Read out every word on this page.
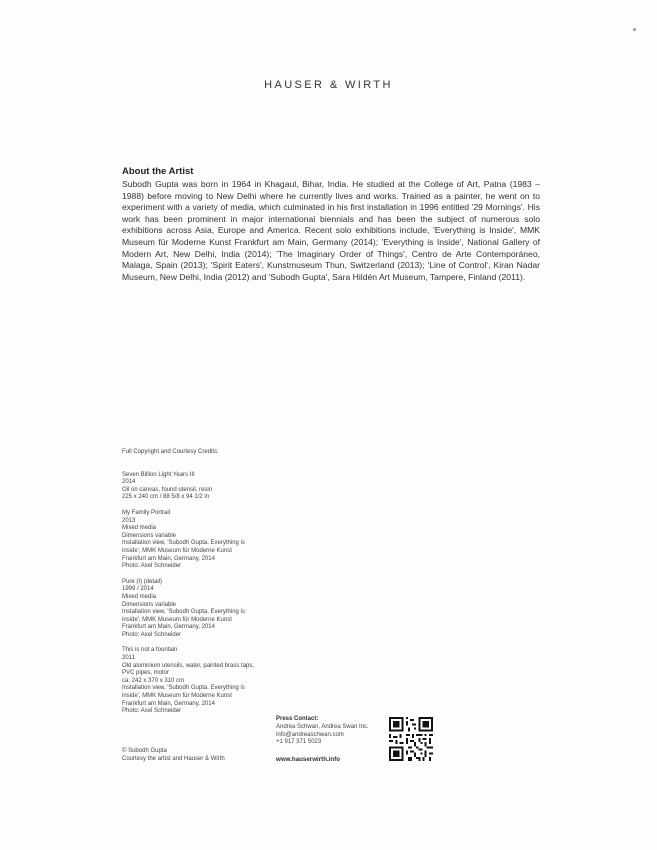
HAUSER & WIRTH
About the Artist

Subodh Gupta was born in 1964 in Khagaul, Bihar, India. He studied at the College of Art, Patna (1983 – 1988) before moving to New Delhi where he currently lives and works. Trained as a painter, he went on to experiment with a variety of media, which culminated in his first installation in 1996 entitled '29 Mornings'. His work has been prominent in major international biennials and has been the subject of numerous solo exhibitions across Asia, Europe and America. Recent solo exhibitions include, 'Everything is Inside', MMK Museum für Moderne Kunst Frankfurt am Main, Germany (2014); 'Everything is Inside', National Gallery of Modern Art, New Delhi, India (2014); 'The Imaginary Order of Things', Centro de Arte Contemporáneo, Malaga, Spain (2013); 'Spirit Eaters', Kunstmuseum Thun, Switzerland (2013); 'Line of Control', Kiran Nadar Museum, New Delhi, India (2012) and 'Subodh Gupta', Sara Hildén Art Museum, Tampere, Finland (2011).

Full Copyright and Courtesy Credits:
Seven Billion Light Years III
2014
Oil on canvas, found utensil, resin
225 x 240 cm / 88 5/8 x 94 1/2 in
My Family Portrait
2013
Mixed media
Dimensions variable
Installation view, 'Subodh Gupta. Everything is
inside', MMK Museum für Moderne Kunst
Frankfurt am Main, Germany, 2014
Photo: Axel Schneider
Pure (I) (detail)
1999 / 2014
Mixed media
Dimensions variable
Installation view, 'Subodh Gupta. Everything is
inside', MMK Museum für Moderne Kunst
Frankfurt am Main, Germany, 2014
Photo: Axel Schneider
This is not a fountain
2011
Old aluminium utensils, water, painted brass taps,
PVC pipes, motor
ca. 242 x 370 x 310 cm
Installation view, 'Subodh Gupta. Everything is
inside', MMK Museum für Moderne Kunst
Frankfurt am Main, Germany, 2014
Photo: Axel Schneider
© Subodh Gupta
Courtesy the artist and Hauser & Wirth
Press Contact:
Andrea Schwan, Andrea Swan Inc.
info@andreaschwan.com
+1 917 371 5023
www.hauserwirth.info
